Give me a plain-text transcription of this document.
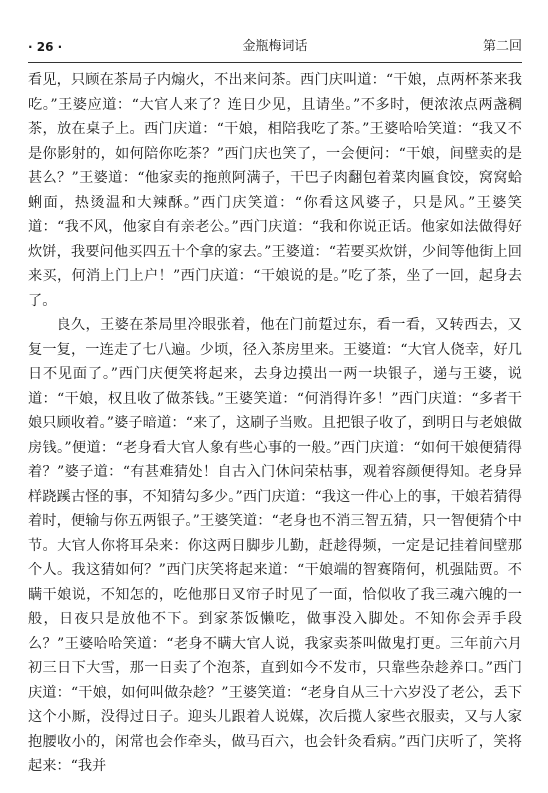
· 26 ·	金瓶梅词话	第二回

看见，只顾在茶局子内煽火，不出来问茶。西门庆叫道：“干娘，点两杯茶来我吃。”王婆应道：“大官人来了？连日少见，且请坐。”不多时，便浓浓点两盏稠茶，放在桌子上。西门庆道：“干娘，相陪我吃了茶。”王婆哈哈笑道：“我又不是你影射的，如何陪你吃茶？”西门庆也笑了，一会便问：“干娘，间壁卖的是甚么？”王婆道：“他家卖的拖煎阿满子，干巴子肉翻包着菜肉匾食饺，窝窝蛤蜊面，热烫温和大辣酥。”西门庆笑道：“你看这风婆子，只是风。”王婆笑道：“我不风，他家自有亲老公。”西门庆道：“我和你说正话。他家如法做得好炊饼，我要问他买四五十个拿的家去。”王婆道：“若要买炊饼，少间等他街上回来买，何消上门上户！”西门庆道：“干娘说的是。”吃了茶，坐了一回，起身去了。

良久，王婆在茶局里冷眼张着，他在门前踅过东，看一看，又转西去，又复一复，一连走了七八遍。少顷，径入茶房里来。王婆道：“大官人侥幸，好几日不见面了。”西门庆便笑将起来，去身边摸出一两一块银子，递与王婆，说道：“干娘，权且收了做茶钱。”王婆笑道：“何消得许多！”西门庆道：“多者干娘只顾收着。”婆子暗道：“来了，这刷子当败。且把银子收了，到明日与老娘做房钱。”便道：“老身看大官人象有些心事的一般。”西门庆道：“如何干娘便猜得着？”婆子道：“有甚难猜处！自古入门休问荣枯事，观着容颜便得知。老身异样跷蹊古怪的事，不知猜勾多少。”西门庆道：“我这一件心上的事，干娘若猜得着时，便输与你五两银子。”王婆笑道：“老身也不消三智五猜，只一智便猜个中节。大官人你将耳朵来：你这两日脚步儿勤，赶趁得频，一定是记挂着间壁那个人。我这猜如何？”西门庆笑将起来道：“干娘端的智赛隋何，机强陆贾。不瞒干娘说，不知怎的，吃他那日叉帘子时见了一面，恰似收了我三魂六魄的一般，日夜只是放他不下。到家茶饭懒吃，做事没入脚处。不知你会弄手段么？”王婆哈哈笑道：“老身不瞒大官人说，我家卖茶叫做鬼打更。三年前六月初三日下大雪，那一日卖了个泡茶，直到如今不发市，只靠些杂趁养口。”西门庆道：“干娘，如何叫做杂趁？”王婆笑道：“老身自从三十六岁没了老公，丢下这个小厮，没得过日子。迎头儿跟着人说媒，次后揽人家些衣服卖，又与人家抱腰收小的，闲常也会作牵头，做马百六，也会针灸看病。”西门庆听了，笑将起来：“我并
